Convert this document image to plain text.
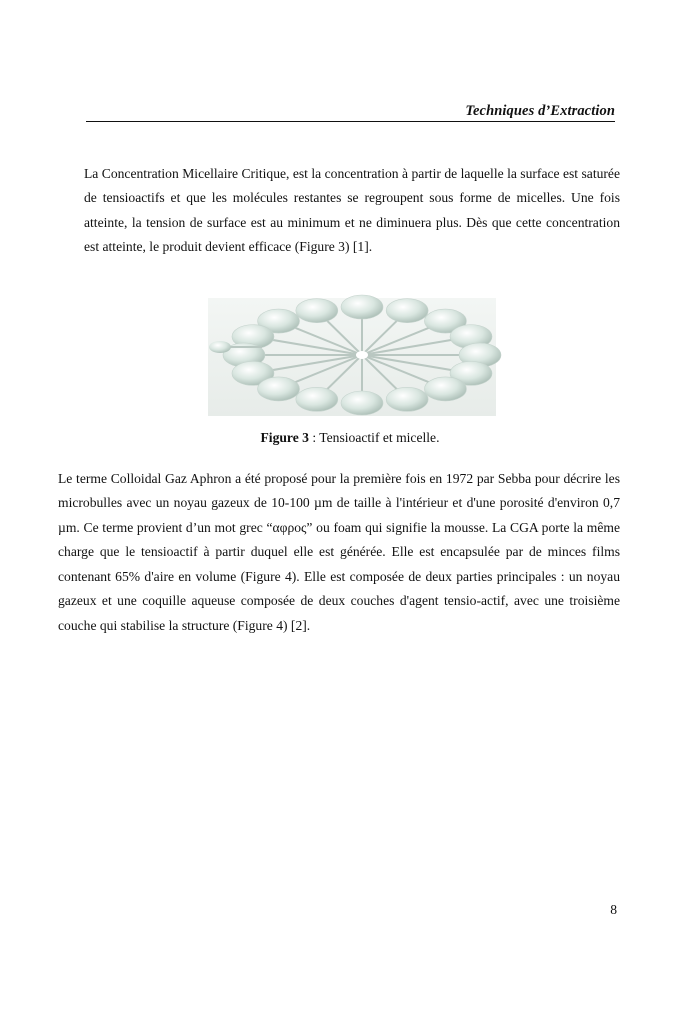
Techniques d’Extraction

La Concentration Micellaire Critique, est la concentration à partir de laquelle la surface est saturée de tensioactifs et que les molécules restantes se regroupent sous forme de micelles. Une fois atteinte, la tension de surface est au minimum et ne diminuera plus. Dès que cette concentration est atteinte, le produit devient efficace (Figure 3) [1].

Figure 3 : Tensioactif et micelle.

Le terme Colloidal Gaz Aphron a été proposé pour la première fois en 1972 par Sebba pour décrire les microbulles avec un noyau gazeux de 10-100 µm de taille à l'intérieur et d'une porosité d'environ 0,7 µm. Ce terme provient d’un mot grec “αφρος” ou foam qui signifie la mousse. La CGA porte la même charge que le tensioactif à partir duquel elle est générée. Elle est encapsulée par de minces films contenant 65% d'aire en volume (Figure 4). Elle est composée de deux parties principales : un noyau gazeux et une coquille aqueuse composée de deux couches d'agent tensio-actif, avec une troisième couche qui stabilise la structure (Figure 4) [2].

8
